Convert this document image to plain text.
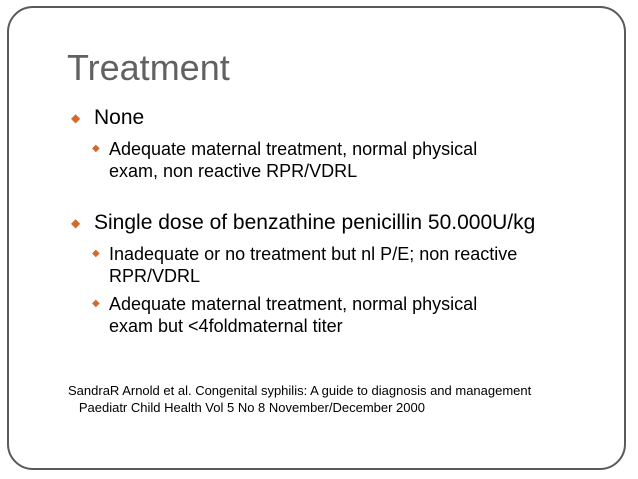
Treatment
◆ None
◆ Adequate maternal treatment, normal physical
exam, non reactive RPR/VDRL
◆ Single dose of benzathine penicillin 50.000U/kg
◆ Inadequate or no treatment but nl P/E; non reactive
RPR/VDRL
◆ Adequate maternal treatment, normal physical
exam but <4foldmaternal titer
SandraR Arnold et al. Congenital syphilis: A guide to diagnosis and management
Paediatr Child Health Vol 5 No 8 November/December 2000
